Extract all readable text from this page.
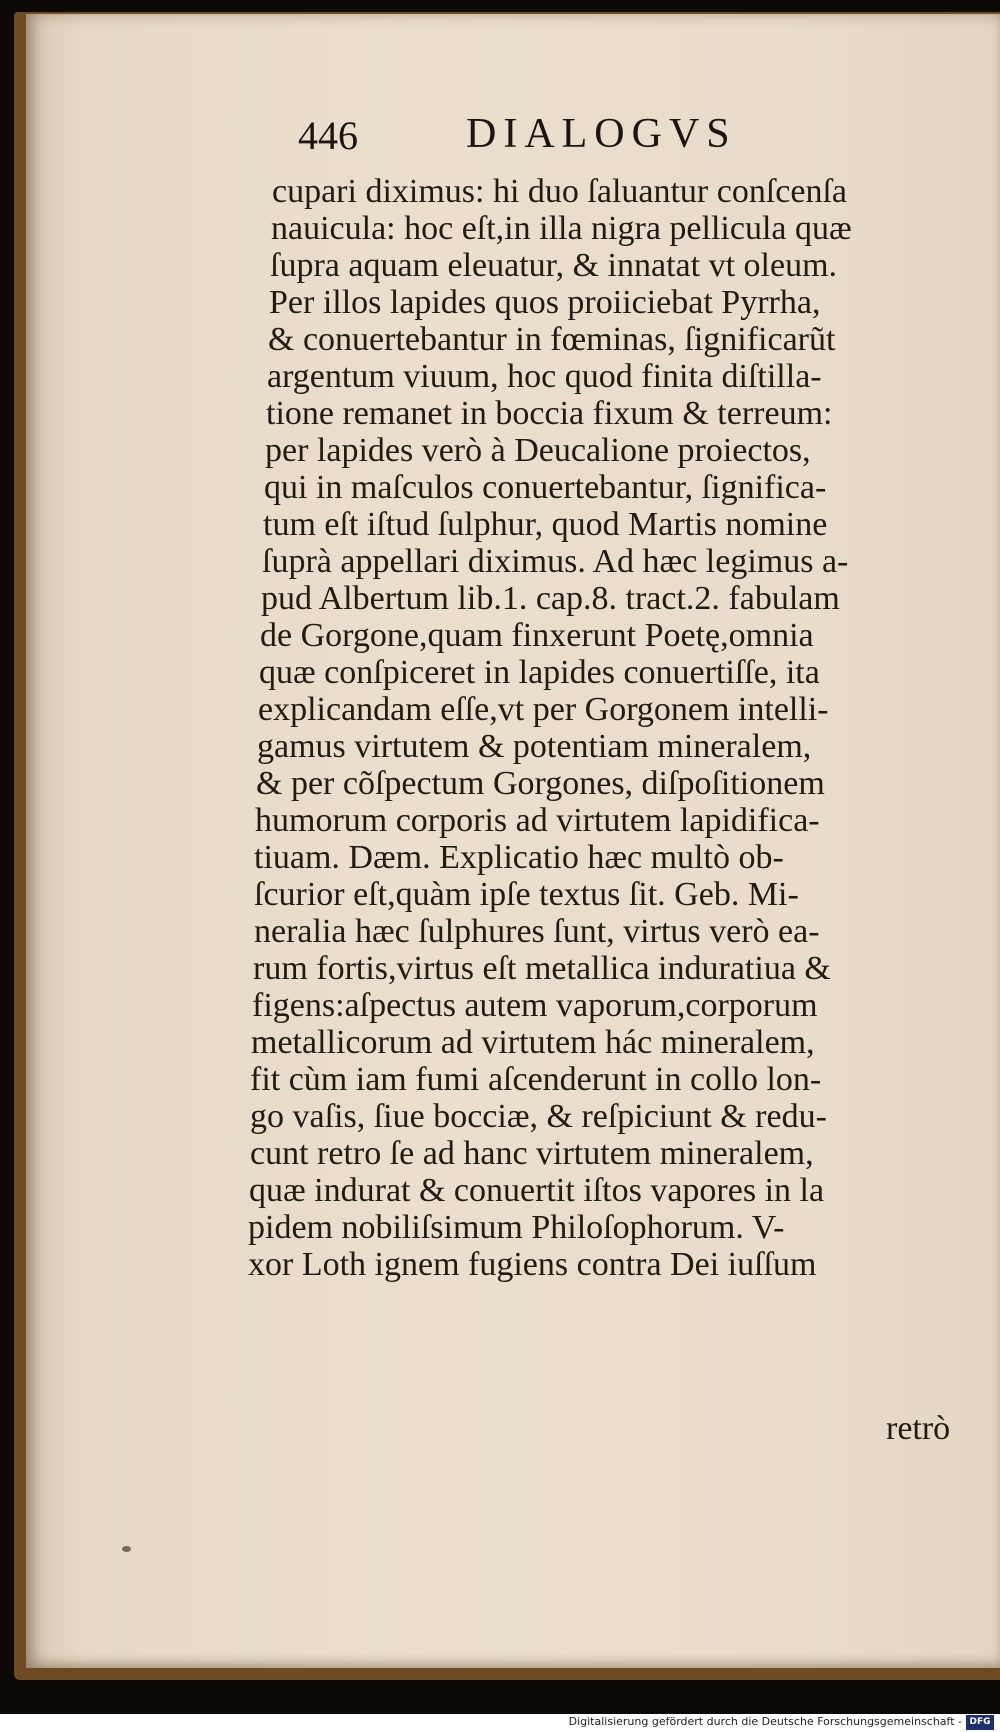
446	DIALOGVS
cupari diximus: hi duo ſaluantur conſcenſa
nauicula: hoc eſt,in illa nigra pellicula quæ
ſupra aquam eleuatur, & innatat vt oleum.
Per illos lapides quos proiiciebat Pyrrha,
& conuertebantur in fœminas, ſignificarũt
argentum viuum, hoc quod finita diſtilla-
tione remanet in boccia fixum & terreum:
per lapides verò à Deucalione proiectos,
qui in maſculos conuertebantur, ſignifica-
tum eſt iſtud ſulphur, quod Martis nomine
ſuprà appellari diximus. Ad hæc legimus a-
pud Albertum lib.1. cap.8. tract.2. fabulam
de Gorgone,quam finxerunt Poetę,omnia
quæ conſpiceret in lapides conuertiſſe, ita
explicandam eſſe,vt per Gorgonem intelli-
gamus virtutem & potentiam mineralem,
& per cõſpectum Gorgones, diſpoſitionem
humorum corporis ad virtutem lapidifica-
tiuam. Dæm. Explicatio hæc multò ob-
ſcurior eſt,quàm ipſe textus ſit. Geb. Mi-
neralia hæc ſulphures ſunt, virtus verò ea-
rum fortis,virtus eſt metallica induratiua &
figens:aſpectus autem vaporum,corporum
metallicorum ad virtutem hác mineralem,
fit cùm iam fumi aſcenderunt in collo lon-
go vaſis, ſiue bocciæ, & reſpiciunt & redu-
cunt retro ſe ad hanc virtutem mineralem,
quæ indurat & conuertit iſtos vapores in la
pidem nobiliſsimum Philoſophorum. V-
xor Loth ignem fugiens contra Dei iuſſum
retrò
Digitalisierung gefördert durch die Deutsche Forschungsgemeinschaft - DFG
